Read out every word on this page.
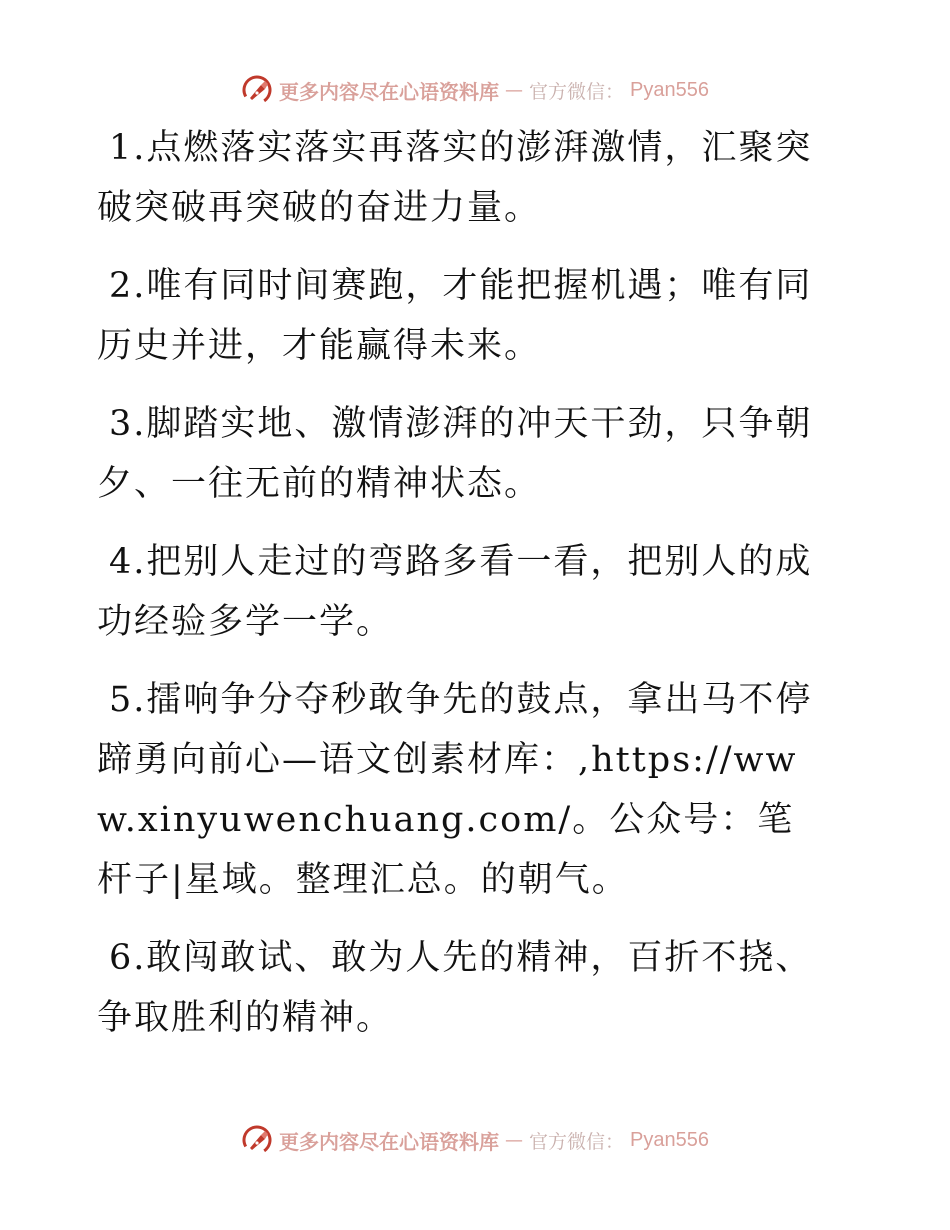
更多内容尽在心语资料库 — 官方微信： Pyan556

1.点燃落实落实再落实的澎湃激情，汇聚突破突破再突破的奋进力量。

2.唯有同时间赛跑，才能把握机遇；唯有同历史并进，才能赢得未来。

3.脚踏实地、激情澎湃的冲天干劲，只争朝夕、一往无前的精神状态。

4.把别人走过的弯路多看一看，把别人的成功经验多学一学。

5.擂响争分夺秒敢争先的鼓点，拿出马不停蹄勇向前心—语文创素材库：,https://www.xinyuwenchuang.com/。公众号：笔杆子|星域。整理汇总。的朝气。

6.敢闯敢试、敢为人先的精神，百折不挠、争取胜利的精神。

更多内容尽在心语资料库 — 官方微信： Pyan556
